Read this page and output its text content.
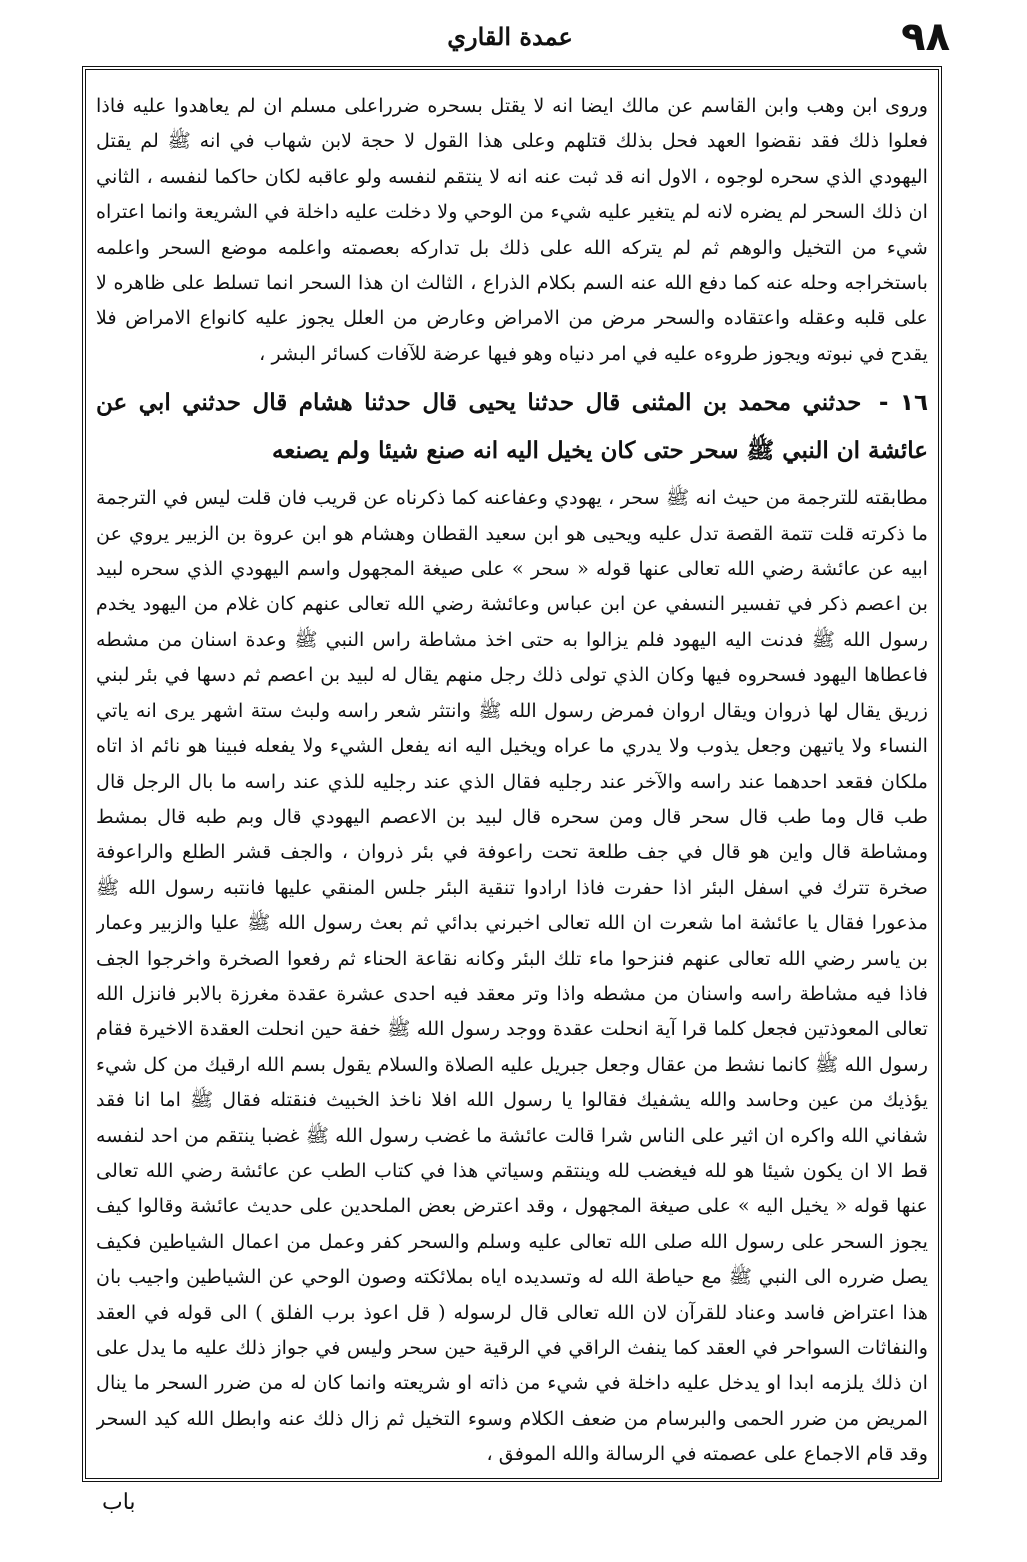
عمدة القاري	٩٨

وروى ابن وهب وابن القاسم عن مالك ايضا انه لا يقتل بسحره ضرراعلى مسلم ان لم يعاهدوا عليه فاذا فعلوا ذلك فقد نقضوا العهد فحل بذلك قتلهم وعلى هذا القول لا حجة لابن شهاب في انه ﷺ لم يقتل اليهودي الذي سحره لوجوه ، الاول انه قد ثبت عنه انه لا ينتقم لنفسه ولو عاقبه لكان حاكما لنفسه ، الثاني ان ذلك السحر لم يضره لانه لم يتغير عليه شيء من الوحي ولا دخلت عليه داخلة في الشريعة وانما اعتراه شيء من التخيل والوهم ثم لم يتركه الله على ذلك بل تداركه بعصمته واعلمه موضع السحر واعلمه باستخراجه وحله عنه كما دفع الله عنه السم بكلام الذراع ، الثالث ان هذا السحر انما تسلط على ظاهره لا على قلبه وعقله واعتقاده والسحر مرض من الامراض وعارض من العلل يجوز عليه كانواع الامراض فلا يقدح في نبوته ويجوز طروءه عليه في امر دنياه وهو فيها عرضة للآفات كسائر البشر ،

١٦ - حدثني محمد بن المثنى قال حدثنا يحيى قال حدثنا هشام قال حدثني ابي عن عائشة ان النبي ﷺ سحر حتى كان يخيل اليه انه صنع شيئا ولم يصنعه

مطابقته للترجمة من حيث انه ﷺ سحر ، يهودي وعفاعنه كما ذكرناه عن قريب فان قلت ليس في الترجمة ما ذكرته قلت تتمة القصة تدل عليه ويحيى هو ابن سعيد القطان وهشام هو ابن عروة بن الزبير يروي عن ابيه عن عائشة رضي الله تعالى عنها قوله « سحر » على صيغة المجهول واسم اليهودي الذي سحره لبيد بن اعصم ذكر في تفسير النسفي عن ابن عباس وعائشة رضي الله تعالى عنهم كان غلام من اليهود يخدم رسول الله ﷺ فدنت اليه اليهود فلم يزالوا به حتى اخذ مشاطة راس النبي ﷺ وعدة اسنان من مشطه فاعطاها اليهود فسحروه فيها وكان الذي تولى ذلك رجل منهم يقال له لبيد بن اعصم ثم دسها في بئر لبني زريق يقال لها ذروان ويقال اروان فمرض رسول الله ﷺ وانتثر شعر راسه ولبث ستة اشهر يرى انه ياتي النساء ولا ياتيهن وجعل يذوب ولا يدري ما عراه ويخيل اليه انه يفعل الشيء ولا يفعله فبينا هو نائم اذ اتاه ملكان فقعد احدهما عند راسه والآخر عند رجليه فقال الذي عند رجليه للذي عند راسه ما بال الرجل قال طب قال وما طب قال سحر قال ومن سحره قال لبيد بن الاعصم اليهودي قال وبم طبه قال بمشط ومشاطة قال واين هو قال في جف طلعة تحت راعوفة في بئر ذروان ، والجف قشر الطلع والراعوفة صخرة تترك في اسفل البئر اذا حفرت فاذا ارادوا تنقية البئر جلس المنقي عليها فانتبه رسول الله ﷺ مذعورا فقال يا عائشة اما شعرت ان الله تعالى اخبرني بدائي ثم بعث رسول الله ﷺ عليا والزبير وعمار بن ياسر رضي الله تعالى عنهم فنزحوا ماء تلك البئر وكانه نقاعة الحناء ثم رفعوا الصخرة واخرجوا الجف فاذا فيه مشاطة راسه واسنان من مشطه واذا وتر معقد فيه احدى عشرة عقدة مغرزة بالابر فانزل الله تعالى المعوذتين فجعل كلما قرا آية انحلت عقدة ووجد رسول الله ﷺ خفة حين انحلت العقدة الاخيرة فقام رسول الله ﷺ كانما نشط من عقال وجعل جبريل عليه الصلاة والسلام يقول بسم الله ارقيك من كل شيء يؤذيك من عين وحاسد والله يشفيك فقالوا يا رسول الله افلا ناخذ الخبيث فنقتله فقال ﷺ اما انا فقد شفاني الله واكره ان اثير على الناس شرا قالت عائشة ما غضب رسول الله ﷺ غضبا ينتقم من احد لنفسه قط الا ان يكون شيئا هو لله فيغضب لله وينتقم وسياتي هذا في كتاب الطب عن عائشة رضي الله تعالى عنها قوله « يخيل اليه » على صيغة المجهول ، وقد اعترض بعض الملحدين على حديث عائشة وقالوا كيف يجوز السحر على رسول الله صلى الله تعالى عليه وسلم والسحر كفر وعمل من اعمال الشياطين فكيف يصل ضرره الى النبي ﷺ مع حياطة الله له وتسديده اياه بملائكته وصون الوحي عن الشياطين واجيب بان هذا اعتراض فاسد وعناد للقرآن لان الله تعالى قال لرسوله ( قل اعوذ برب الفلق ) الى قوله في العقد والنفاثات السواحر في العقد كما ينفث الراقي في الرقية حين سحر وليس في جواز ذلك عليه ما يدل على ان ذلك يلزمه ابدا او يدخل عليه داخلة في شيء من ذاته او شريعته وانما كان له من ضرر السحر ما ينال المريض من ضرر الحمى والبرسام من ضعف الكلام وسوء التخيل ثم زال ذلك عنه وابطل الله كيد السحر وقد قام الاجماع على عصمته في الرسالة والله الموفق ،

باب
